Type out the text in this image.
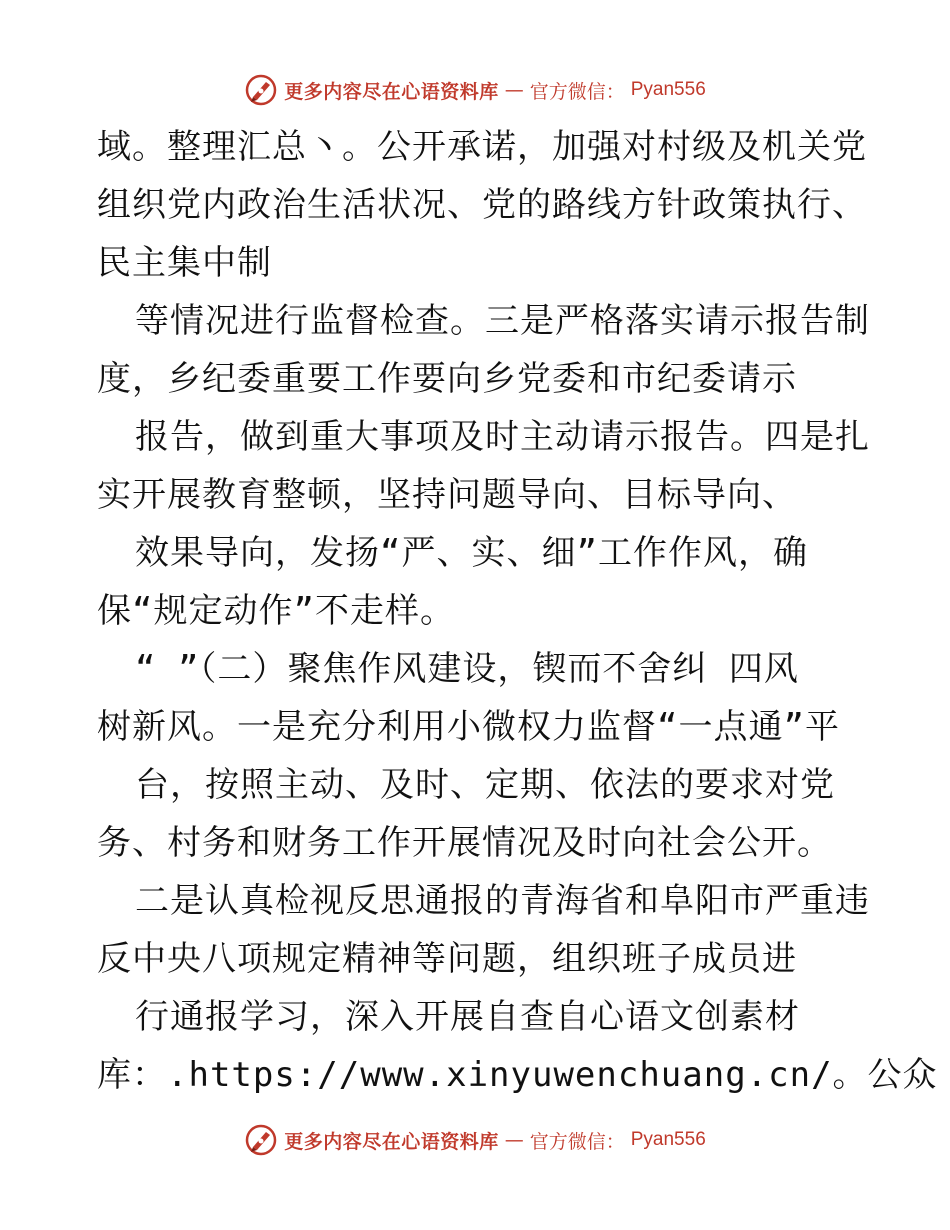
更多内容尽在心语资料库 — 官方微信： Pyan556
域。整理汇总丶。公开承诺，加强对村级及机关党
组织党内政治生活状况、党的路线方针政策执行、
民主集中制
等情况进行监督检查。三是严格落实请示报告制
度，乡纪委重要工作要向乡党委和市纪委请示
报告，做到重大事项及时主动请示报告。四是扎
实开展教育整顿，坚持问题导向、目标导向、
效果导向，发扬“严、实、细”工作作风，确
保“规定动作”不走样。
“ ”（二）聚焦作风建设，锲而不舍纠 四风
树新风。一是充分利用小微权力监督“一点通”平
台，按照主动、及时、定期、依法的要求对党
务、村务和财务工作开展情况及时向社会公开。
二是认真检视反思通报的青海省和阜阳市严重违
反中央八项规定精神等问题，组织班子成员进
行通报学习，深入开展自查自心语文创素材
库：.https://www.xinyuwenchuang.cn/。公众
更多内容尽在心语资料库 — 官方微信： Pyan556
